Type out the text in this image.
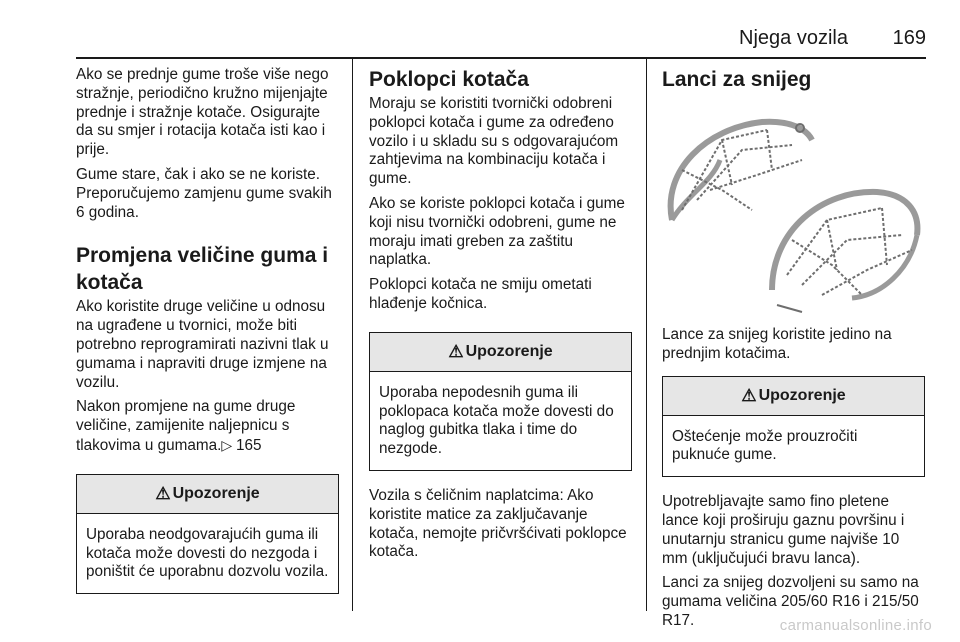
Njega vozila	169

Ako se prednje gume troše više nego stražnje, periodično kružno mijenjajte prednje i stražnje kotače. Osigurajte da su smjer i rotacija kotača isti kao i prije.

Gume stare, čak i ako se ne koriste. Preporučujemo zamjenu gume svakih 6 godina.

Promjena veličine guma i kotača

Ako koristite druge veličine u odnosu na ugrađene u tvornici, može biti potrebno reprogramirati nazivni tlak u gumama i napraviti druge izmjene na vozilu.

Nakon promjene na gume druge veličine, zamijenite naljepnicu s tlakovima u gumama.▷ 165

⚠ Upozorenje
Uporaba neodgovarajućih guma ili kotača može dovesti do nezgoda i poništit će uporabnu dozvolu vozila.
Poklopci kotača

Moraju se koristiti tvornički odobreni poklopci kotača i gume za određeno vozilo i u skladu su s odgovarajućom zahtjevima na kombinaciju kotača i gume.

Ako se koriste poklopci kotača i gume koji nisu tvornički odobreni, gume ne moraju imati greben za zaštitu naplatka.

Poklopci kotača ne smiju ometati hlađenje kočnica.

⚠ Upozorenje
Uporaba nepodesnih guma ili poklopaca kotača može dovesti do naglog gubitka tlaka i time do nezgode.

Vozila s čeličnim naplatcima: Ako koristite matice za zaključavanje kotača, nemojte pričvršćivati poklopce kotača.

Lanci za snijeg

Lance za snijeg koristite jedino na prednjim kotačima.

⚠ Upozorenje
Oštećenje može prouzročiti puknuće gume.

Upotrebljavajte samo fino pletene lance koji proširuju gaznu površinu i unutarnju stranicu gume najviše 10 mm (uključujući bravu lanca).

Lanci za snijeg dozvoljeni su samo na gumama veličina 205/60 R16 i 215/50 R17.	carmanualsonline.info
